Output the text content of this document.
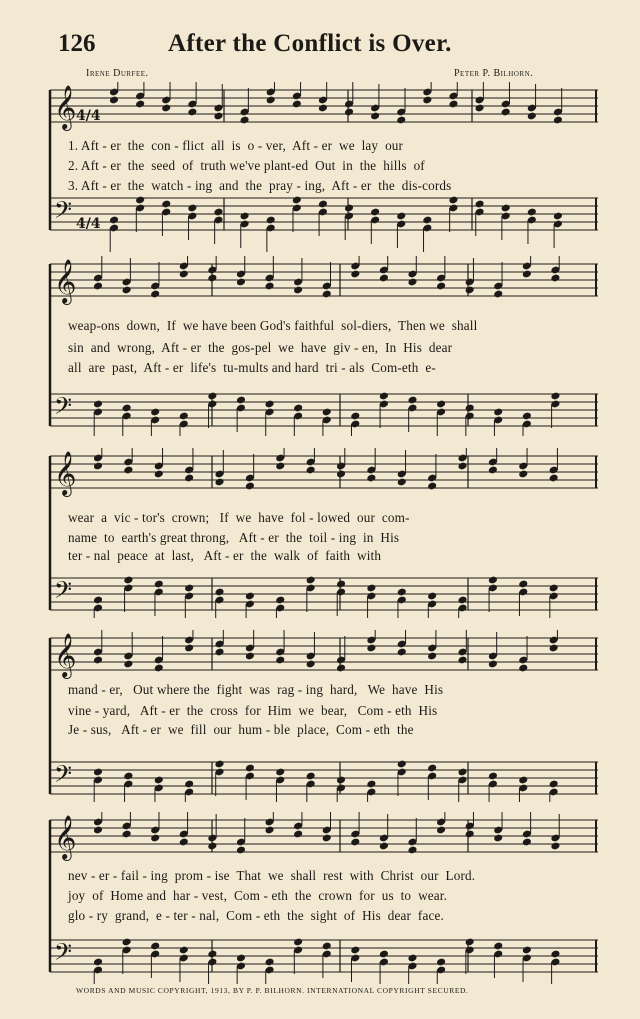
126	After the Conflict is Over.
Irene Durfee.	Peter P. Bilhorn.
𝄞 4/4
𝄢 4/4
1. Aft - er  the  con - flict  all  is  o - ver,  Aft - er  we  lay  our
2. Aft - er  the  seed  of  truth we've plant-ed  Out  in  the  hills  of
3. Aft - er  the  watch - ing  and  the  pray - ing,  Aft - er  the  dis-cords
𝄞
𝄢
weap-ons  down,  If  we have been God's faithful  sol-diers,  Then we  shall
sin  and  wrong,  Aft - er  the  gos-pel  we  have  giv - en,  In  His  dear
all  are  past,  Aft - er  life's  tu-mults and hard  tri - als  Com-eth  e-
𝄞
𝄢
wear  a  vic - tor's  crown;   If  we  have  fol - lowed  our  com-
name  to  earth's great throng,   Aft - er  the  toil - ing  in  His
ter - nal  peace  at  last,   Aft - er  the  walk  of  faith  with
𝄞
𝄢
mand - er,   Out where the  fight  was  rag - ing  hard,   We  have  His
vine - yard,   Aft - er  the  cross  for  Him  we  bear,   Com - eth  His
Je - sus,   Aft - er  we  fill  our  hum - ble  place,  Com - eth  the
𝄞
𝄢
nev - er - fail - ing  prom - ise  That  we  shall  rest  with  Christ  our  Lord.
joy  of  Home and  har - vest,  Com - eth  the  crown  for  us  to  wear.
glo - ry  grand,  e - ter - nal,  Com - eth  the  sight  of  His  dear  face.
WORDS AND MUSIC COPYRIGHT, 1913, BY P. P. BILHORN. INTERNATIONAL COPYRIGHT SECURED.
